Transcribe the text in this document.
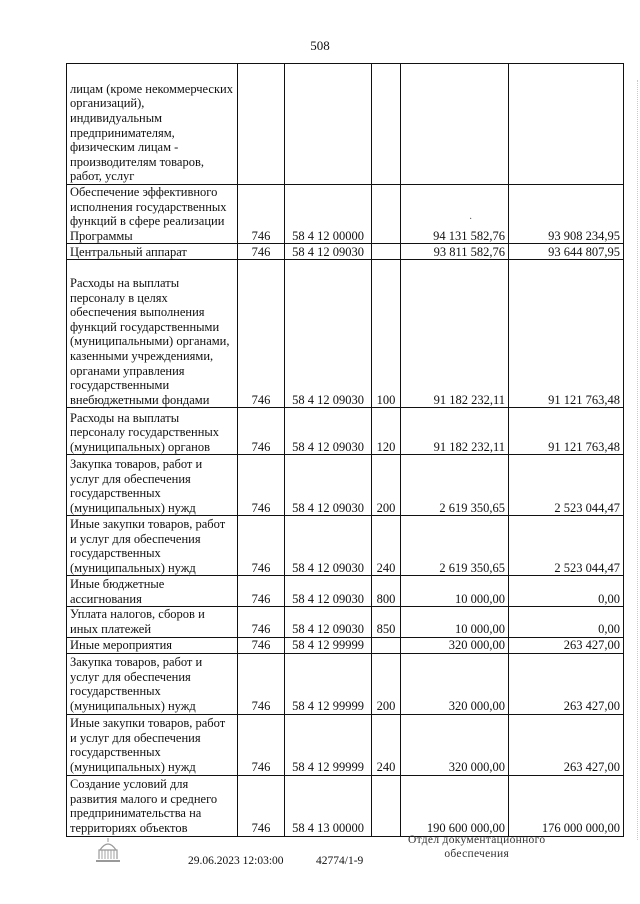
508
·
лицам (кроме некоммерческих организаций), индивидуальным предпринимателям, физическим лицам - производителям товаров, работ, услуг					
Обеспечение эффективного исполнения государственных функций в сфере реализации Программы	746	58 4 12 00000		94 131 582,76	93 908 234,95
Центральный аппарат	746	58 4 12 09030		93 811 582,76	93 644 807,95
Расходы на выплаты персоналу в целях обеспечения выполнения функций государственными (муниципальными) органами, казенными учреждениями, органами управления государственными внебюджетными фондами	746	58 4 12 09030	100	91 182 232,11	91 121 763,48
Расходы на выплаты персоналу государственных (муниципальных) органов	746	58 4 12 09030	120	91 182 232,11	91 121 763,48
Закупка товаров, работ и услуг для обеспечения государственных (муниципальных) нужд	746	58 4 12 09030	200	2 619 350,65	2 523 044,47
Иные закупки товаров, работ и услуг для обеспечения государственных (муниципальных) нужд	746	58 4 12 09030	240	2 619 350,65	2 523 044,47
Иные бюджетные ассигнования	746	58 4 12 09030	800	10 000,00	0,00
Уплата налогов, сборов и иных платежей	746	58 4 12 09030	850	10 000,00	0,00
Иные мероприятия	746	58 4 12 99999		320 000,00	263 427,00
Закупка товаров, работ и услуг для обеспечения государственных (муниципальных) нужд	746	58 4 12 99999	200	320 000,00	263 427,00
Иные закупки товаров, работ и услуг для обеспечения государственных (муниципальных) нужд	746	58 4 12 99999	240	320 000,00	263 427,00
Создание условий для развития малого и среднего предпринимательства на территориях объектов	746	58 4 13 00000		190 600 000,00	176 000 000,00
29.06.2023 12:03:00	42774/1-9
Отдел документационного
обеспечения
